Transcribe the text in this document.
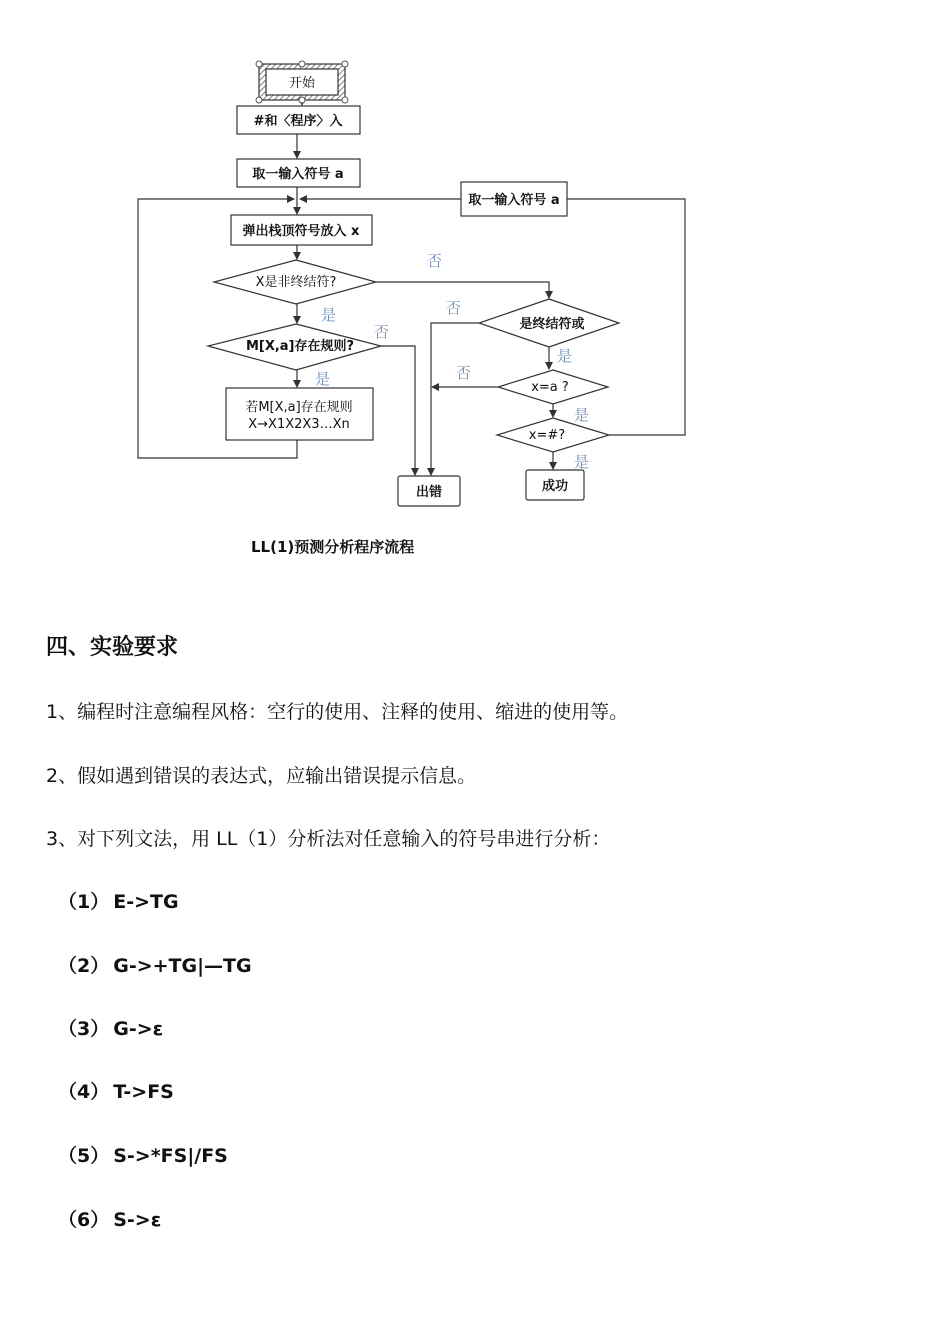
开始
#和〈程序〉入
取一输入符号 a
弹出栈顶符号放入 x
X是非终结符?
M[X,a]存在规则?
若M[X,a]存在规则
X→X1X2X3…Xn
取一输入符号 a
是终结符或
x=a ?
x=#?
出错	成功
否
是
否
否
是
是
否
是
是
LL(1)预测分析程序流程
四、实验要求

1、编程时注意编程风格：空行的使用、注释的使用、缩进的使用等。

2、假如遇到错误的表达式，应输出错误提示信息。

3、对下列文法，用 LL（1）分析法对任意输入的符号串进行分析：

（1） E->TG

（2） G->+TG|—TG

（3） G->ε

（4） T->FS

（5） S->*FS|/FS

（6） S->ε
